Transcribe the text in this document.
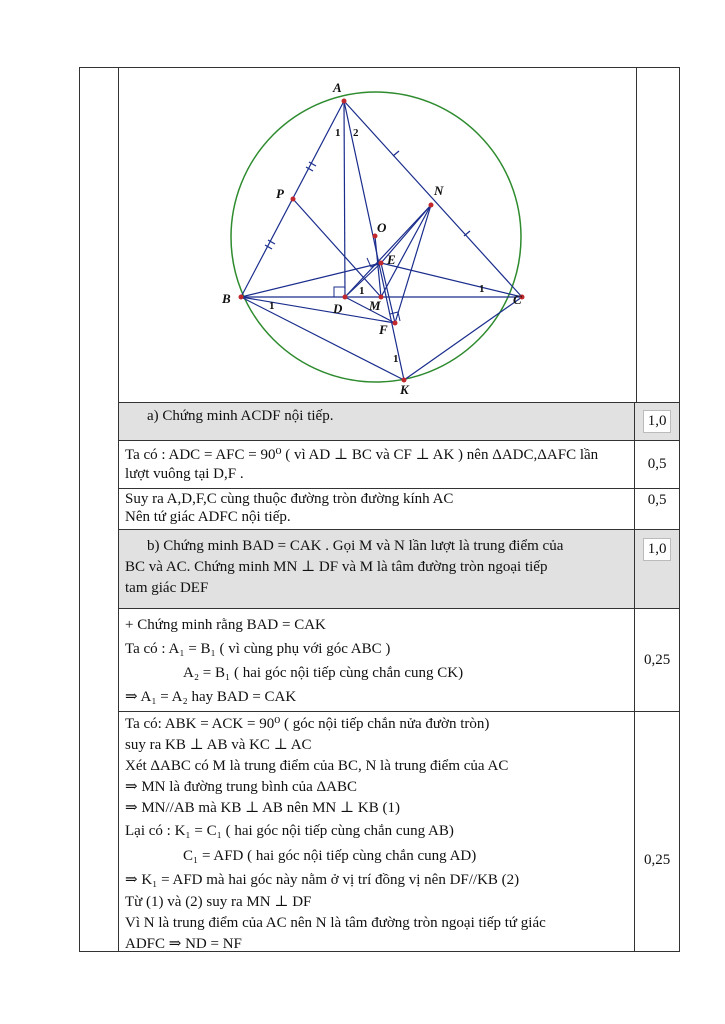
A
B	C
D
E
F
K
M
N
O
P
1 2
1
1
1
1
a) Chứng minh ACDF nội tiếp.	1,0
Ta có : ADC = AFC = 90⁰ ( vì AD ⊥ BC và CF ⊥ AK ) nên ΔADC,ΔAFC lần
lượt vuông tại D,F .
0,5
Suy ra A,D,F,C cùng thuộc đường tròn đường kính AC
Nên tứ giác ADFC nội tiếp.
0,5
b) Chứng minh BAD = CAK . Gọi M và N lần lượt là trung điểm của
BC và AC. Chứng minh MN ⊥ DF và M là tâm đường tròn ngoại tiếp
tam giác DEF
1,0
+ Chứng minh rằng BAD = CAK
Ta có : A₁ = B₁ ( vì cùng phụ với góc ABC )
A₂ = B₁ ( hai góc nội tiếp cùng chắn cung CK)
⇒ A₁ = A₂ hay BAD = CAK
0,25
Ta có: ABK = ACK = 90⁰ ( góc nội tiếp chắn nửa đườn tròn)
suy ra KB ⊥ AB và KC ⊥ AC
Xét ΔABC có M là trung điểm của BC, N là trung điểm của AC
⇒ MN là đường trung bình của ΔABC
⇒ MN//AB mà KB ⊥ AB nên MN ⊥ KB (1)
Lại có : K₁ = C₁ ( hai góc nội tiếp cùng chắn cung AB)
C₁ = AFD ( hai góc nội tiếp cùng chắn cung AD)
⇒ K₁ = AFD mà hai góc này nằm ở vị trí đồng vị nên DF//KB (2)
Từ (1) và (2) suy ra MN ⊥ DF
Vì N là trung điểm của AC nên N là tâm đường tròn ngoại tiếp tứ giác
ADFC ⇒ ND = NF
0,25
